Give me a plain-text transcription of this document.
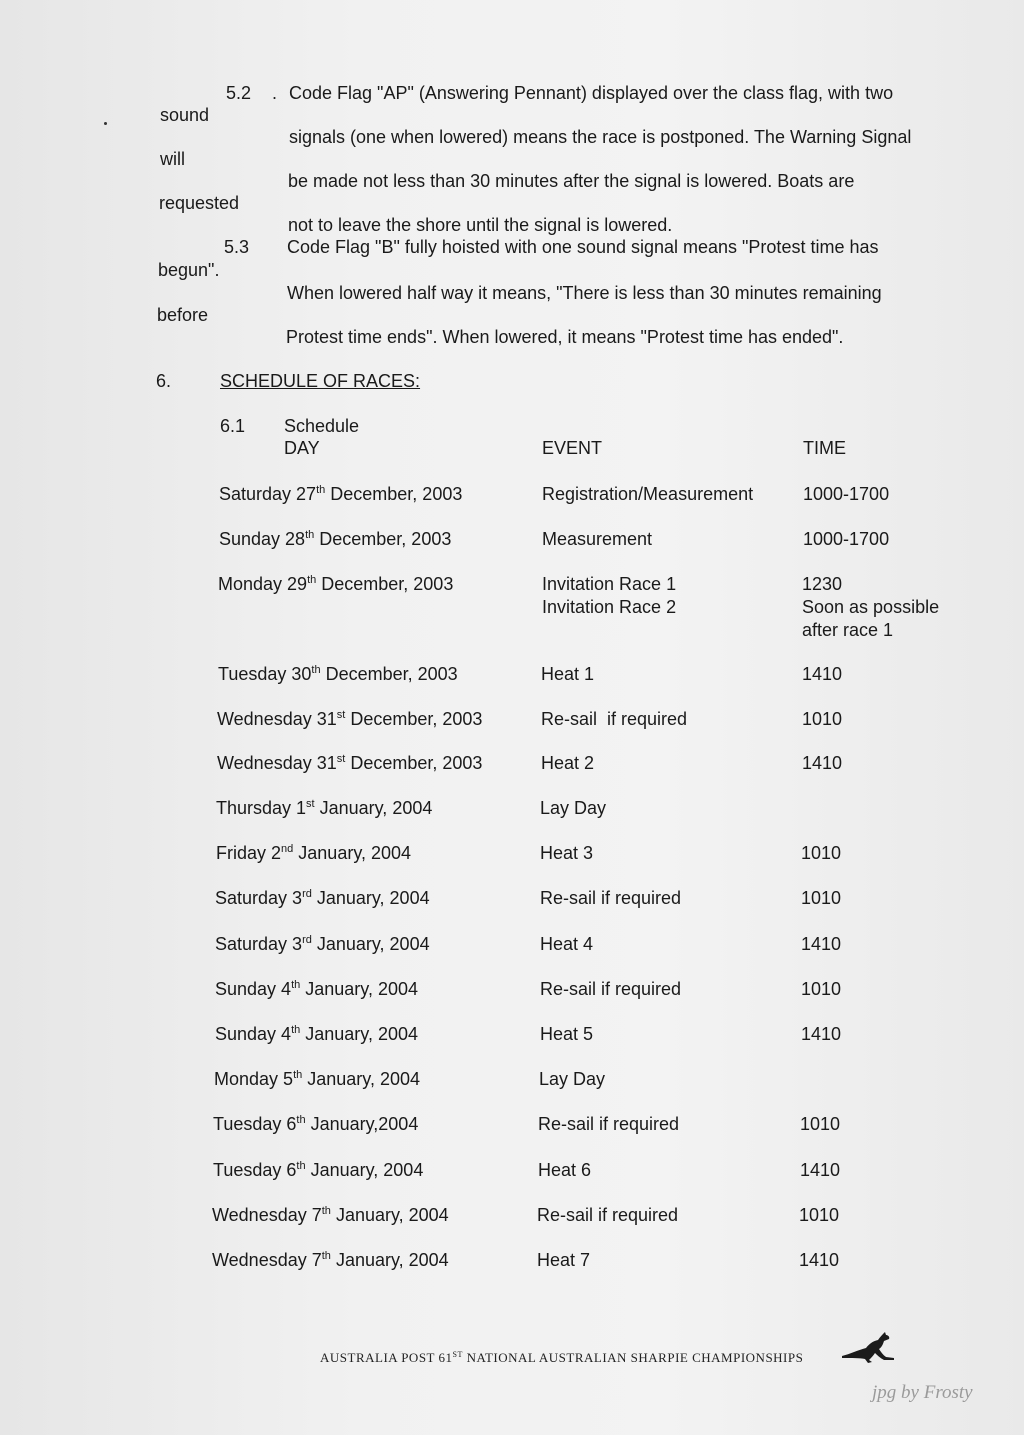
5.2 . Code Flag "AP" (Answering Pennant) displayed over the class flag, with two
sound
signals (one when lowered) means the race is postponed. The Warning Signal
will
be made not less than 30 minutes after the signal is lowered. Boats are
requested
not to leave the shore until the signal is lowered.
5.3 Code Flag "B" fully hoisted with one sound signal means "Protest time has
begun".
When lowered half way it means, "There is less than 30 minutes remaining
before
Protest time ends". When lowered, it means "Protest time has ended".
6.	SCHEDULE OF RACES:
6.1 Schedule
DAY	EVENT	TIME
Saturday 27th December, 2003	Registration/Measurement	1000-1700
Sunday 28th December, 2003	Measurement	1000-1700
Monday 29th December, 2003	Invitation Race 1	1230
Invitation Race 2	Soon as possible
after race 1
Tuesday 30th December, 2003	Heat 1	1410
Wednesday 31st December, 2003	Re-sail  if required	1010
Wednesday 31st December, 2003	Heat 2	1410
Thursday 1st January, 2004	Lay Day
Friday 2nd January, 2004	Heat 3	1010
Saturday 3rd January, 2004	Re-sail if required	1010
Saturday 3rd January, 2004	Heat 4	1410
Sunday 4th January, 2004	Re-sail if required	1010
Sunday 4th January, 2004	Heat 5	1410
Monday 5th January, 2004	Lay Day
Tuesday 6th January,2004	Re-sail if required	1010
Tuesday 6th January, 2004	Heat 6	1410
Wednesday 7th January, 2004	Re-sail if required	1010
Wednesday 7th January, 2004	Heat 7	1410
AUSTRALIA POST 61ST NATIONAL AUSTRALIAN SHARPIE CHAMPIONSHIPS
jpg by Frosty
